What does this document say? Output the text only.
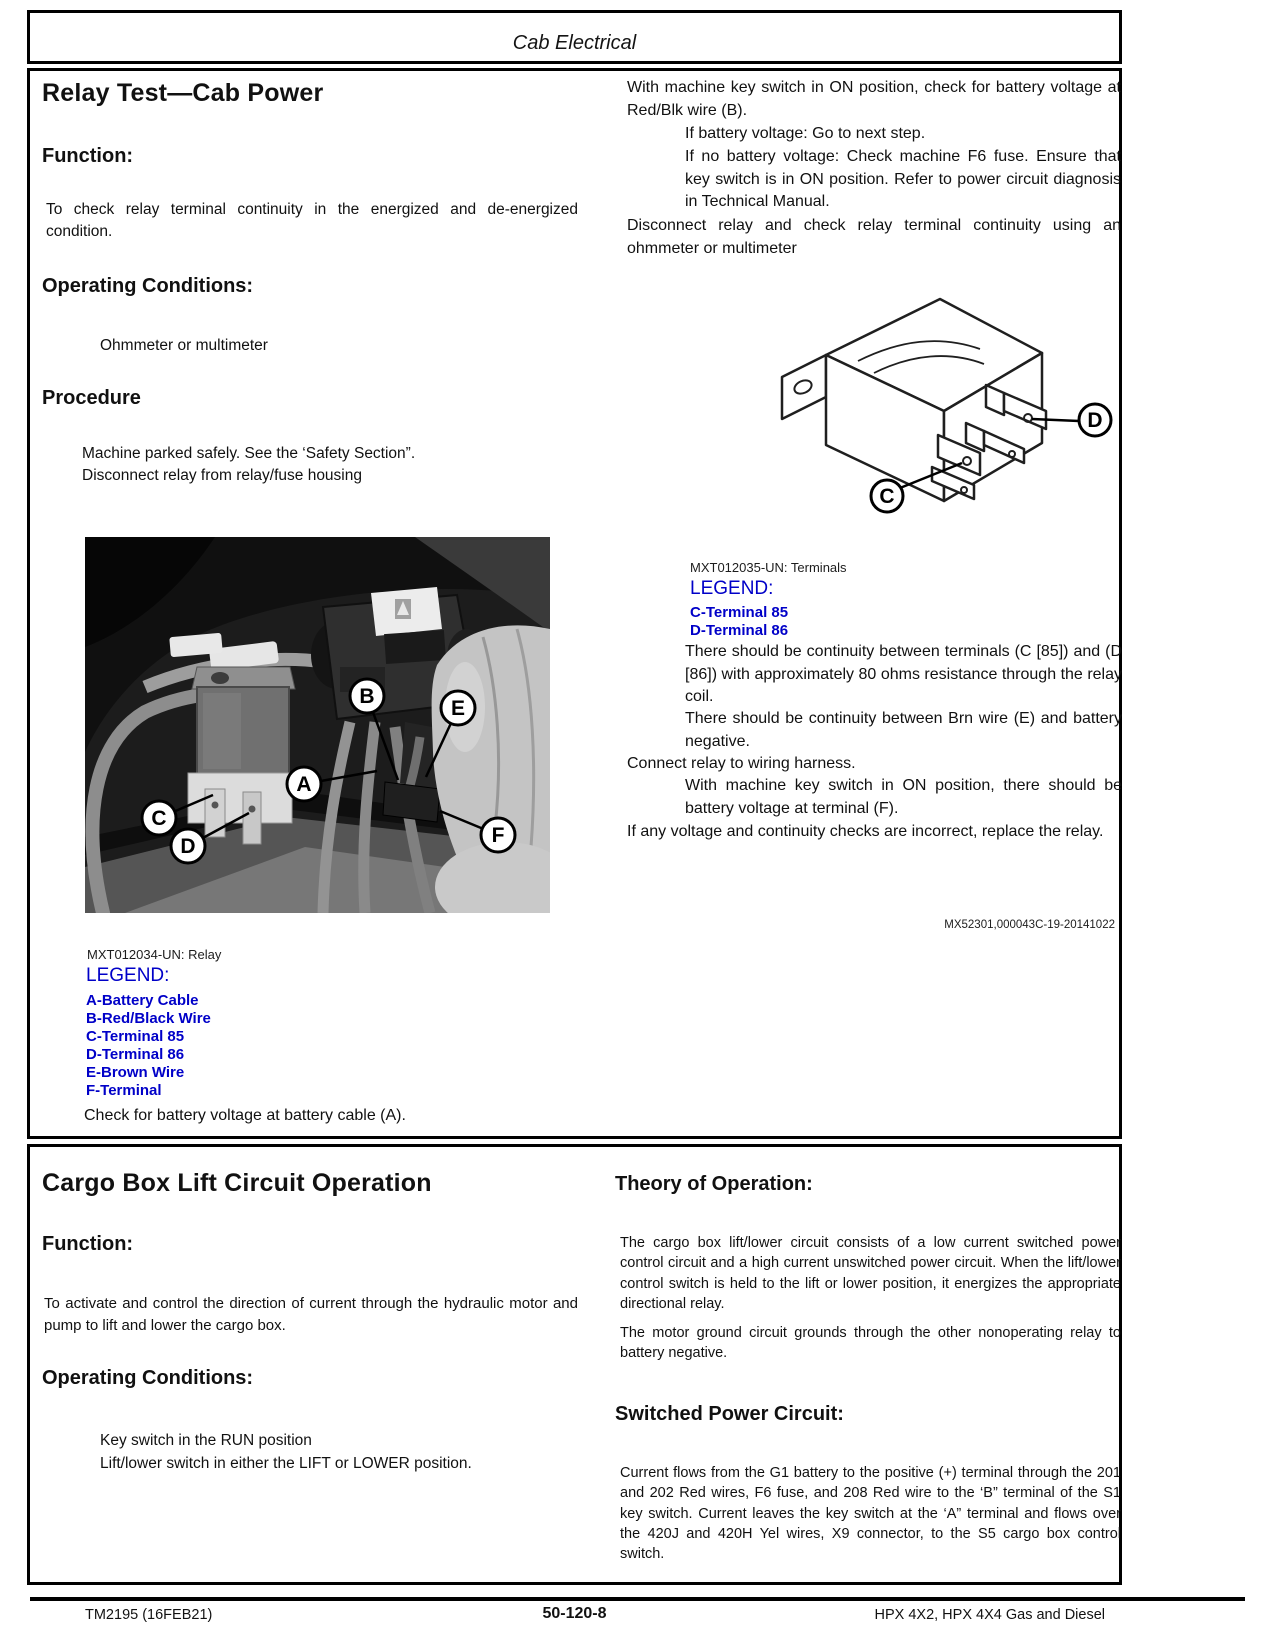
Cab Electrical
Relay Test—Cab Power
Function:
To check relay terminal continuity in the energized and de-energized condition.
Operating Conditions:
Ohmmeter or multimeter
Procedure
Machine parked safely. See the ‘Safety Section”.
Disconnect relay from relay/fuse housing
A
B
C
D
E
F
MXT012034-UN: Relay
LEGEND:
A-Battery Cable
B-Red/Black Wire
C-Terminal 85
D-Terminal 86
E-Brown Wire
F-Terminal
Check for battery voltage at battery cable (A).
With machine key switch in ON position, check for battery voltage at Red/Blk wire (B).
If battery voltage: Go to next step.
If no battery voltage: Check machine F6 fuse. Ensure that key switch is in ON position. Refer to power circuit diagnosis in Technical Manual.
Disconnect relay and check relay terminal continuity using an ohmmeter or multimeter
C
D
MXT012035-UN: Terminals
LEGEND:
C-Terminal 85
D-Terminal 86
There should be continuity between terminals (C [85]) and (D [86]) with approximately 80 ohms resistance through the relay coil.
There should be continuity between Brn wire (E) and battery negative.
Connect relay to wiring harness.
With machine key switch in ON position, there should be battery voltage at terminal (F).
If any voltage and continuity checks are incorrect, replace the relay.
MX52301,000043C-19-20141022
Cargo Box Lift Circuit Operation
Function:
To activate and control the direction of current through the hydraulic motor and pump to lift and lower the cargo box.
Operating Conditions:
Key switch in the RUN position
Lift/lower switch in either the LIFT or LOWER position.
Theory of Operation:
The cargo box lift/lower circuit consists of a low current switched power control circuit and a high current unswitched power circuit. When the lift/lower control switch is held to the lift or lower position, it energizes the appropriate directional relay.
The motor ground circuit grounds through the other nonoperating relay to battery negative.
Switched Power Circuit:
Current flows from the G1 battery to the positive (+) terminal through the 201 and 202 Red wires, F6 fuse, and 208 Red wire to the ‘B” terminal of the S1 key switch. Current leaves the key switch at the ‘A” terminal and flows over the 420J and 420H Yel wires, X9 connector, to the S5 cargo box control switch.
TM2195 (16FEB21)	50-120-8	HPX 4X2, HPX 4X4 Gas and Diesel
